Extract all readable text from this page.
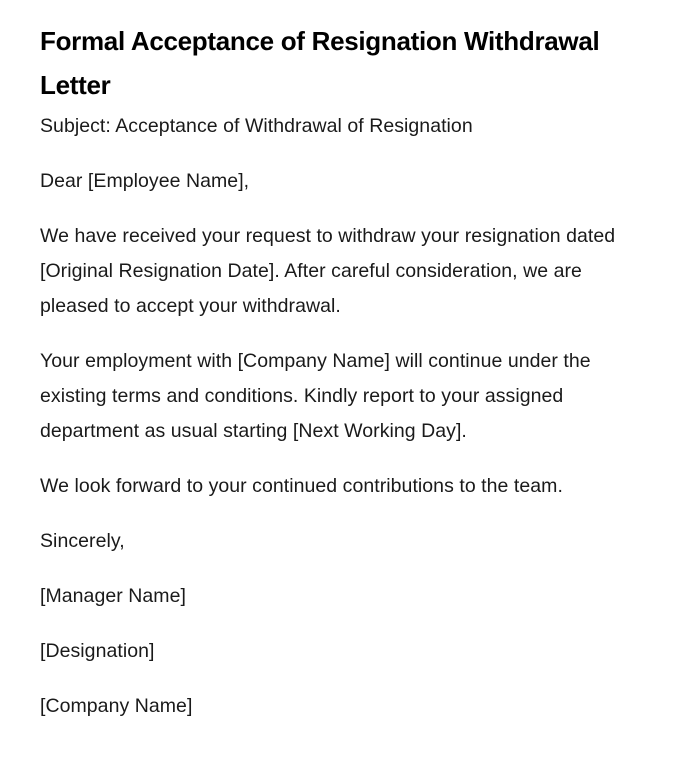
Formal Acceptance of Resignation Withdrawal Letter

Subject: Acceptance of Withdrawal of Resignation

Dear [Employee Name],

We have received your request to withdraw your resignation dated [Original Resignation Date]. After careful consideration, we are pleased to accept your withdrawal.

Your employment with [Company Name] will continue under the existing terms and conditions. Kindly report to your assigned department as usual starting [Next Working Day].

We look forward to your continued contributions to the team.

Sincerely,

[Manager Name]

[Designation]

[Company Name]
